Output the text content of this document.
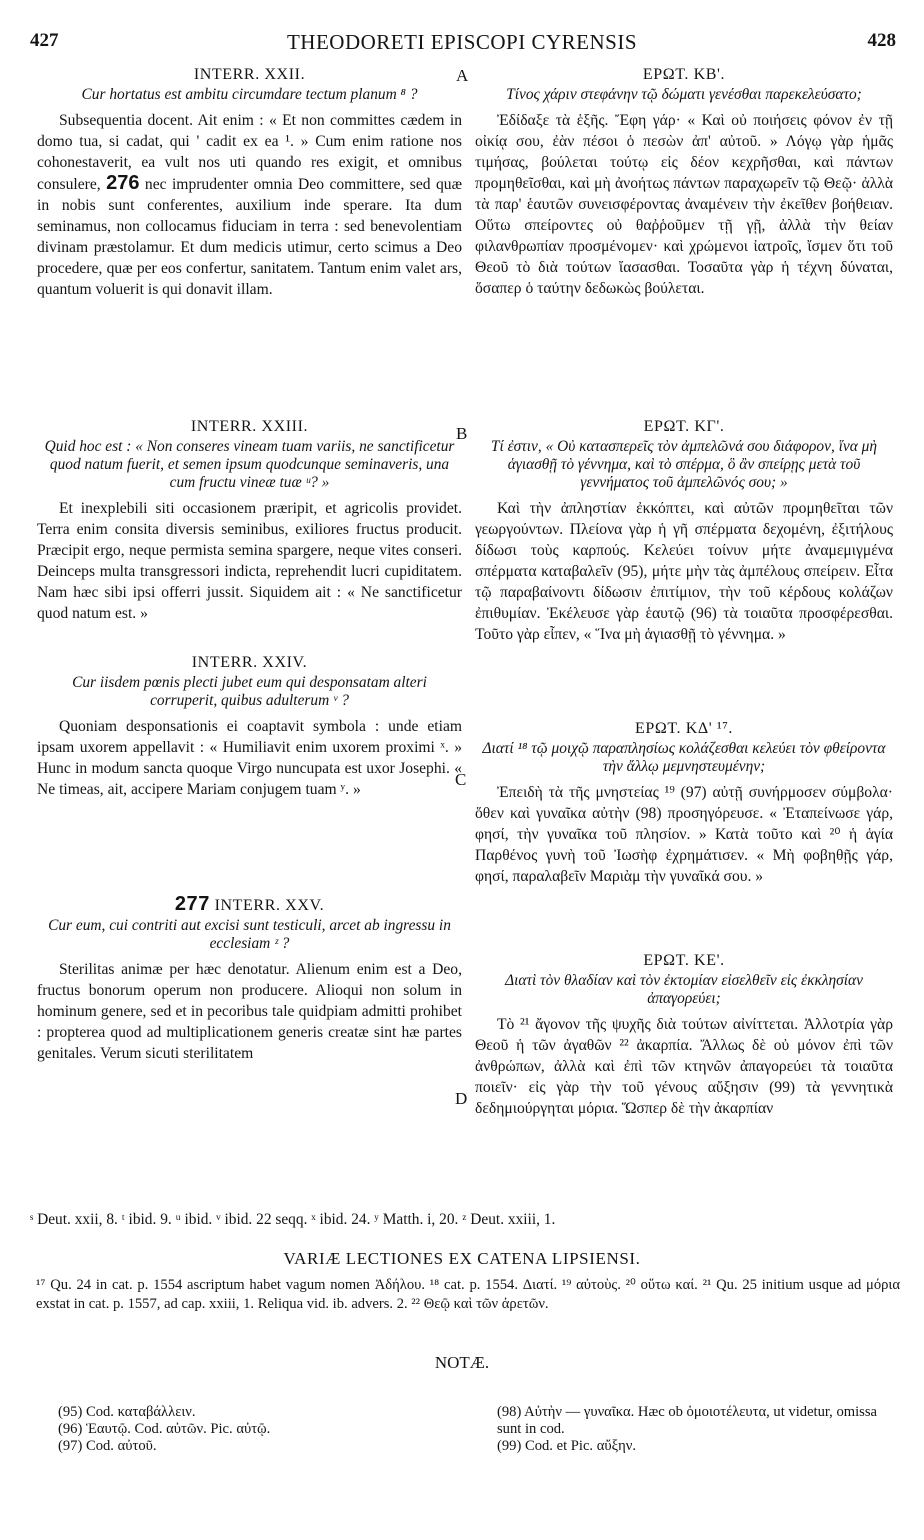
427	THEODORETI EPISCOPI CYRENSIS	428
A
B
C
D
INTERR. XXII.
Cur hortatus est ambitu circumdare tectum planum ⁸ ?

Subsequentia docent. Ait enim : « Et non committes cædem in domo tua, si cadat, qui ' cadit ex ea ¹. » Cum enim ratione nos cohonestaverit, ea vult nos uti quando res exigit, et omnibus consulere, 276 nec imprudenter omnia Deo committere, sed quæ in nobis sunt conferentes, auxilium inde sperare. Ita dum seminamus, non collocamus fiduciam in terra : sed benevolentiam divinam præstolamur. Et dum medicis utimur, certo scimus a Deo procedere, quæ per eos confertur, sanitatem. Tantum enim valet ars, quantum voluerit is qui donavit illam.

INTERR. XXIII.
Quid hoc est : « Non conseres vineam tuam variis, ne sanctificetur quod natum fuerit, et semen ipsum quodcunque seminaveris, una cum fructu vineæ tuæ ᵘ? »

Et inexplebili siti occasionem præripit, et agricolis providet. Terra enim consita diversis seminibus, exiliores fructus producit. Præcipit ergo, neque permista semina spargere, neque vites conseri. Deinceps multa transgressori indicta, reprehendit lucri cupiditatem. Nam hæc sibi ipsi offerri jussit. Siquidem ait : « Ne sanctificetur quod natum est. »

INTERR. XXIV.
Cur iisdem pœnis plecti jubet eum qui desponsatam alteri corruperit, quibus adulterum ᵛ ?

Quoniam desponsationis ei coaptavit symbola : unde etiam ipsam uxorem appellavit : « Humiliavit enim uxorem proximi ˣ. » Hunc in modum sancta quoque Virgo nuncupata est uxor Josephi. « Ne timeas, ait, accipere Mariam conjugem tuam ʸ. »

277 INTERR. XXV.
Cur eum, cui contriti aut excisi sunt testiculi, arcet ab ingressu in ecclesiam ᶻ ?

Sterilitas animæ per hæc denotatur. Alienum enim est a Deo, fructus bonorum operum non producere. Alioqui non solum in hominum genere, sed et in pecoribus tale quidpiam admitti prohibet : propterea quod ad multiplicationem generis creatæ sint hæ partes genitales. Verum sicuti sterilitatem

ΕΡΩΤ. ΚΒ'.
Τίνος χάριν στεφάνην τῷ δώματι γενέσθαι παρεκελεύσατο;

Ἐδίδαξε τὰ ἑξῆς. Ἔφη γάρ· « Καὶ οὐ ποιήσεις φόνον ἐν τῇ οἰκίᾳ σου, ἐὰν πέσοι ὁ πεσὼν ἀπ' αὐτοῦ. » Λόγῳ γὰρ ἡμᾶς τιμήσας, βούλεται τούτῳ εἰς δέον κεχρῆσθαι, καὶ πάντων προμηθεῖσθαι, καὶ μὴ ἀνοήτως πάντων παραχωρεῖν τῷ Θεῷ· ἀλλὰ τὰ παρ' ἑαυτῶν συνεισφέροντας ἀναμένειν τὴν ἐκεῖθεν βοήθειαν. Οὕτω σπείροντες οὐ θαῤῥοῦμεν τῇ γῇ, ἀλλὰ τὴν θείαν φιλανθρωπίαν προσμένομεν· καὶ χρώμενοι ἰατροῖς, ἴσμεν ὅτι τοῦ Θεοῦ τὸ διὰ τούτων ἴασασθαι. Τοσαῦτα γὰρ ἡ τέχνη δύναται, ὅσαπερ ὁ ταύτην δεδωκὼς βούλεται.

ΕΡΩΤ. ΚΓ'.
Τί ἐστιν, « Οὐ κατασπερεῖς τὸν ἀμπελῶνά σου διάφορον, ἵνα μὴ ἁγιασθῇ τὸ γέννημα, καὶ τὸ σπέρμα, ὃ ἂν σπείρῃς μετὰ τοῦ γεννήματος τοῦ ἀμπελῶνός σου; »

Καὶ τὴν ἀπληστίαν ἐκκόπτει, καὶ αὐτῶν προμηθεῖται τῶν γεωργούντων. Πλείονα γὰρ ἡ γῆ σπέρματα δεχομένη, ἐξιτήλους δίδωσι τοὺς καρπούς. Κελεύει τοίνυν μήτε ἀναμεμιγμένα σπέρματα καταβαλεῖν (95), μήτε μὴν τὰς ἀμπέλους σπείρειν. Εἶτα τῷ παραβαίνοντι δίδωσιν ἐπιτίμιον, τὴν τοῦ κέρδους κολάζων ἐπιθυμίαν. Ἐκέλευσε γὰρ ἑαυτῷ (96) τὰ τοιαῦτα προσφέρεσθαι. Τοῦτο γὰρ εἶπεν, « Ἵνα μὴ ἁγιασθῇ τὸ γέννημα. »

ΕΡΩΤ. ΚΔ' ¹⁷.
Διατί ¹⁸ τῷ μοιχῷ παραπλησίως κολάζεσθαι κελεύει τὸν φθείροντα τὴν ἄλλῳ μεμνηστευμένην;

Ἐπειδὴ τὰ τῆς μνηστείας ¹⁹ (97) αὐτῇ συνήρμοσεν σύμβολα· ὅθεν καὶ γυναῖκα αὐτὴν (98) προσηγόρευσε. « Ἐταπείνωσε γάρ, φησί, τὴν γυναῖκα τοῦ πλησίον. » Κατὰ τοῦτο καὶ ²⁰ ἡ ἁγία Παρθένος γυνὴ τοῦ Ἰωσὴφ ἐχρημάτισεν. « Μὴ φοβηθῇς γάρ, φησί, παραλαβεῖν Μαριὰμ τὴν γυναῖκά σου. »

ΕΡΩΤ. ΚΕ'.
Διατὶ τὸν θλαδίαν καὶ τὸν ἐκτομίαν εἰσελθεῖν εἰς ἐκκλησίαν ἀπαγορεύει;

Τὸ ²¹ ἄγονον τῆς ψυχῆς διὰ τούτων αἰνίττεται. Ἀλλοτρία γὰρ Θεοῦ ἡ τῶν ἀγαθῶν ²² ἀκαρπία. Ἄλλως δὲ οὐ μόνον ἐπὶ τῶν ἀνθρώπων, ἀλλὰ καὶ ἐπὶ τῶν κτηνῶν ἀπαγορεύει τὰ τοιαῦτα ποιεῖν· εἰς γὰρ τὴν τοῦ γένους αὔξησιν (99) τὰ γεννητικὰ δεδημιούργηται μόρια. Ὥσπερ δὲ τὴν ἀκαρπίαν

ˢ Deut. xxii, 8. ᵗ ibid. 9. ᵘ ibid. ᵛ ibid. 22 seqq. ˣ ibid. 24. ʸ Matth. i, 20. ᶻ Deut. xxiii, 1.
VARIÆ LECTIONES EX CATENA LIPSIENSI.
¹⁷ Qu. 24 in cat. p. 1554 ascriptum habet vagum nomen Ἀδήλου. ¹⁸ cat. p. 1554. Διατί. ¹⁹ αὐτοὺς. ²⁰ οὕτω καί. ²¹ Qu. 25 initium usque ad μόρια exstat in cat. p. 1557, ad cap. xxiii, 1. Reliqua vid. ib. advers. 2. ²² Θεῷ καὶ τῶν ἀρετῶν.
NOTÆ.
(95) Cod. καταβάλλειν.
(96) Ἑαυτῷ. Cod. αὐτῶν. Pic. αὐτῷ.
(97) Cod. αὐτοῦ.
(98) Αὐτὴν — γυναῖκα. Hæc ob ὁμοιοτέλευτα, ut videtur, omissa sunt in cod.
(99) Cod. et Pic. αὔξην.
